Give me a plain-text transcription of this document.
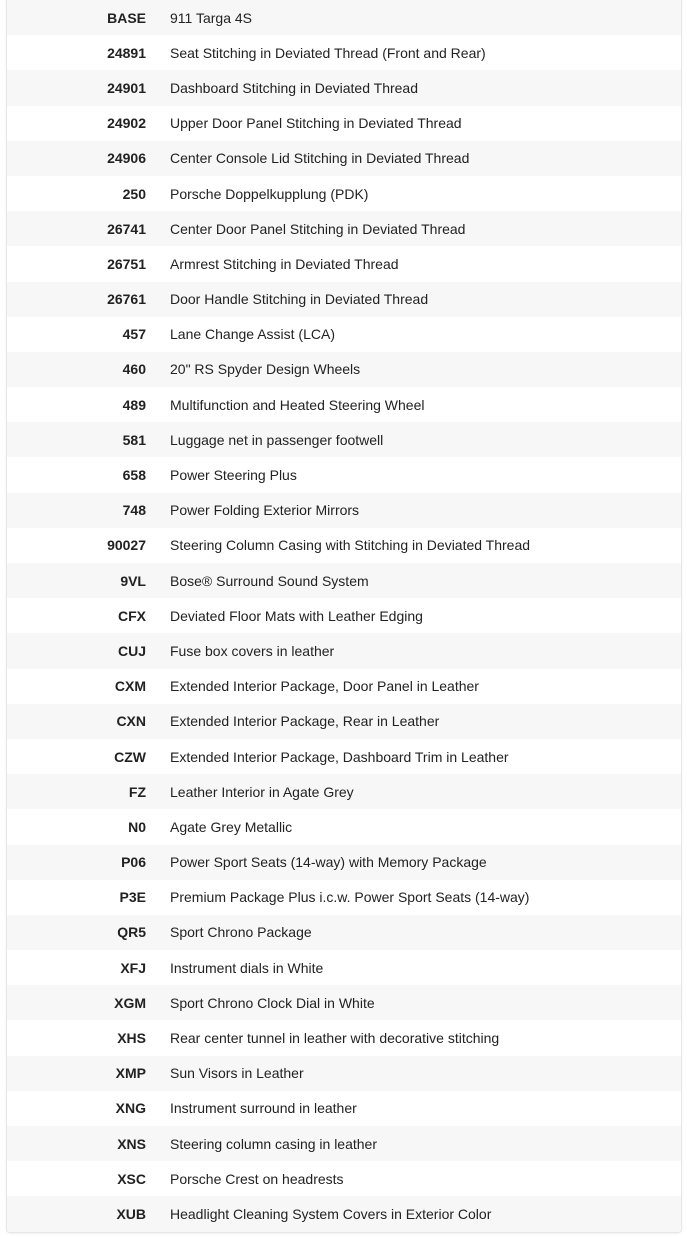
BASE	911 Targa 4S
24891	Seat Stitching in Deviated Thread (Front and Rear)
24901	Dashboard Stitching in Deviated Thread
24902	Upper Door Panel Stitching in Deviated Thread
24906	Center Console Lid Stitching in Deviated Thread
250	Porsche Doppelkupplung (PDK)
26741	Center Door Panel Stitching in Deviated Thread
26751	Armrest Stitching in Deviated Thread
26761	Door Handle Stitching in Deviated Thread
457	Lane Change Assist (LCA)
460	20" RS Spyder Design Wheels
489	Multifunction and Heated Steering Wheel
581	Luggage net in passenger footwell
658	Power Steering Plus
748	Power Folding Exterior Mirrors
90027	Steering Column Casing with Stitching in Deviated Thread
9VL	Bose® Surround Sound System
CFX	Deviated Floor Mats with Leather Edging
CUJ	Fuse box covers in leather
CXM	Extended Interior Package, Door Panel in Leather
CXN	Extended Interior Package, Rear in Leather
CZW	Extended Interior Package, Dashboard Trim in Leather
FZ	Leather Interior in Agate Grey
N0	Agate Grey Metallic
P06	Power Sport Seats (14-way) with Memory Package
P3E	Premium Package Plus i.c.w. Power Sport Seats (14-way)
QR5	Sport Chrono Package
XFJ	Instrument dials in White
XGM	Sport Chrono Clock Dial in White
XHS	Rear center tunnel in leather with decorative stitching
XMP	Sun Visors in Leather
XNG	Instrument surround in leather
XNS	Steering column casing in leather
XSC	Porsche Crest on headrests
XUB	Headlight Cleaning System Covers in Exterior Color
